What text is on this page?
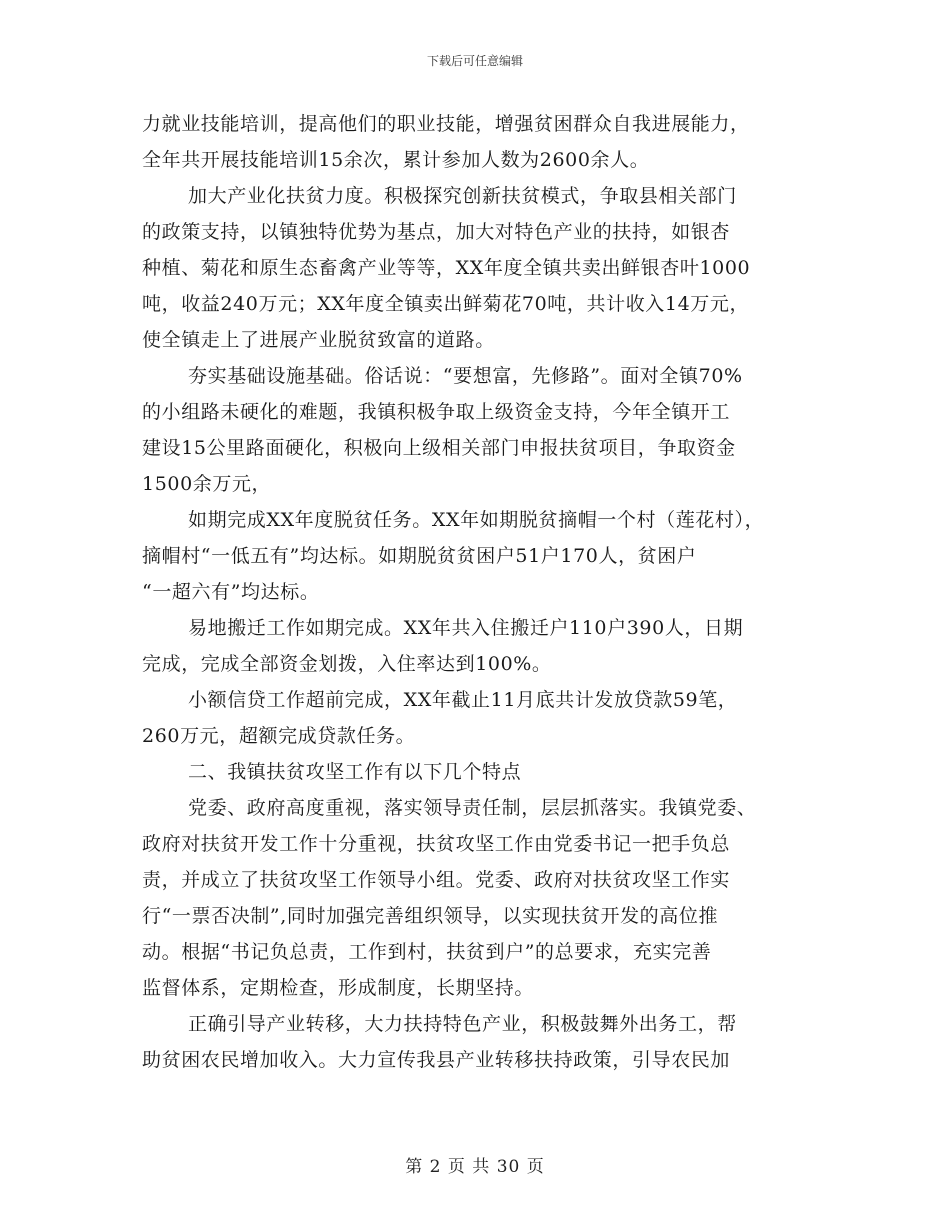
下载后可任意编辑
力就业技能培训，提高他们的职业技能，增强贫困群众自我进展能力，
全年共开展技能培训15余次，累计参加人数为2600余人。
加大产业化扶贫力度。积极探究创新扶贫模式，争取县相关部门
的政策支持，以镇独特优势为基点，加大对特色产业的扶持，如银杏
种植、菊花和原生态畜禽产业等等，XX年度全镇共卖出鲜银杏叶1000
吨，收益240万元；XX年度全镇卖出鲜菊花70吨，共计收入14万元，
使全镇走上了进展产业脱贫致富的道路。
夯实基础设施基础。俗话说：“要想富，先修路”。面对全镇70%
的小组路未硬化的难题，我镇积极争取上级资金支持，今年全镇开工
建设15公里路面硬化，积极向上级相关部门申报扶贫项目，争取资金
1500余万元，
如期完成XX年度脱贫任务。XX年如期脱贫摘帽一个村（莲花村），
摘帽村“一低五有”均达标。如期脱贫贫困户51户170人，贫困户
“一超六有”均达标。
易地搬迁工作如期完成。XX年共入住搬迁户110户390人，日期
完成，完成全部资金划拨，入住率达到100%。
小额信贷工作超前完成，XX年截止11月底共计发放贷款59笔，
260万元，超额完成贷款任务。
二、我镇扶贫攻坚工作有以下几个特点
党委、政府高度重视，落实领导责任制，层层抓落实。我镇党委、
政府对扶贫开发工作十分重视，扶贫攻坚工作由党委书记一把手负总
责，并成立了扶贫攻坚工作领导小组。党委、政府对扶贫攻坚工作实
行“一票否决制”,同时加强完善组织领导，以实现扶贫开发的高位推
动。根据“书记负总责，工作到村，扶贫到户”的总要求，充实完善
监督体系，定期检查，形成制度，长期坚持。
正确引导产业转移，大力扶持特色产业，积极鼓舞外出务工，帮
助贫困农民增加收入。大力宣传我县产业转移扶持政策，引导农民加
第 2 页 共 30 页
